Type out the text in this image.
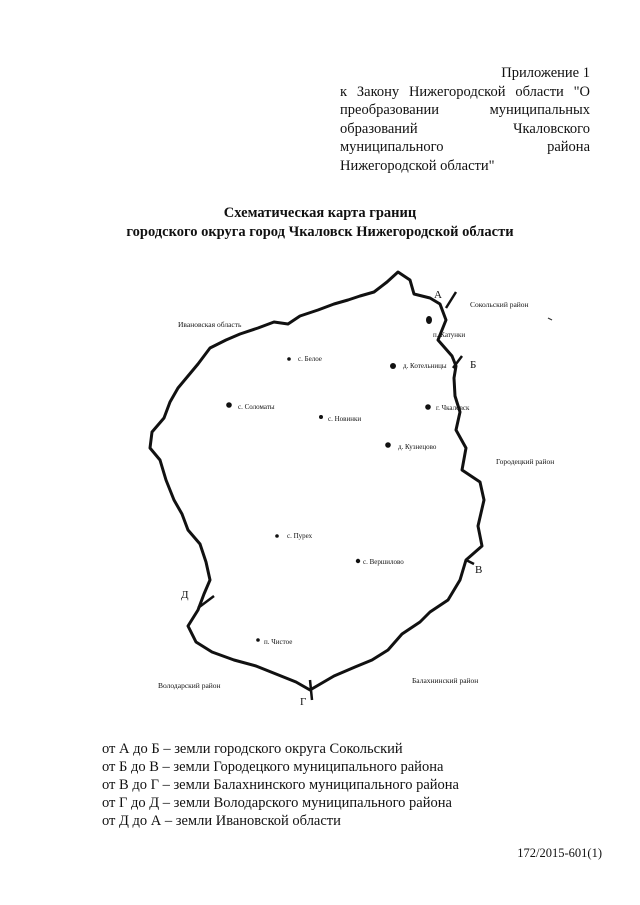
Приложение 1
к Закону Нижегородской области "О
преобразовании муниципальных
образований Чкаловского
муниципального района
Нижегородской области"
Схематическая карта границ
городского округа город Чкаловск Нижегородской области
А
Б
В
Г
Д
Ивановская область
Сокольский район
Городецкий район
Володарский район
Балахнинский район
п. Катунки
с. Белое
д. Котельницы
с. Соломаты
с. Новинки
г. Чкаловск
д. Кузнецово
с. Пурех
с. Вершилово
п. Чистое
от А до Б – земли городского округа Сокольский
от Б до В – земли Городецкого муниципального района
от В до Г – земли Балахнинского муниципального района
от Г до Д – земли Володарского муниципального района
от Д до А – земли Ивановской области
172/2015-601(1)
